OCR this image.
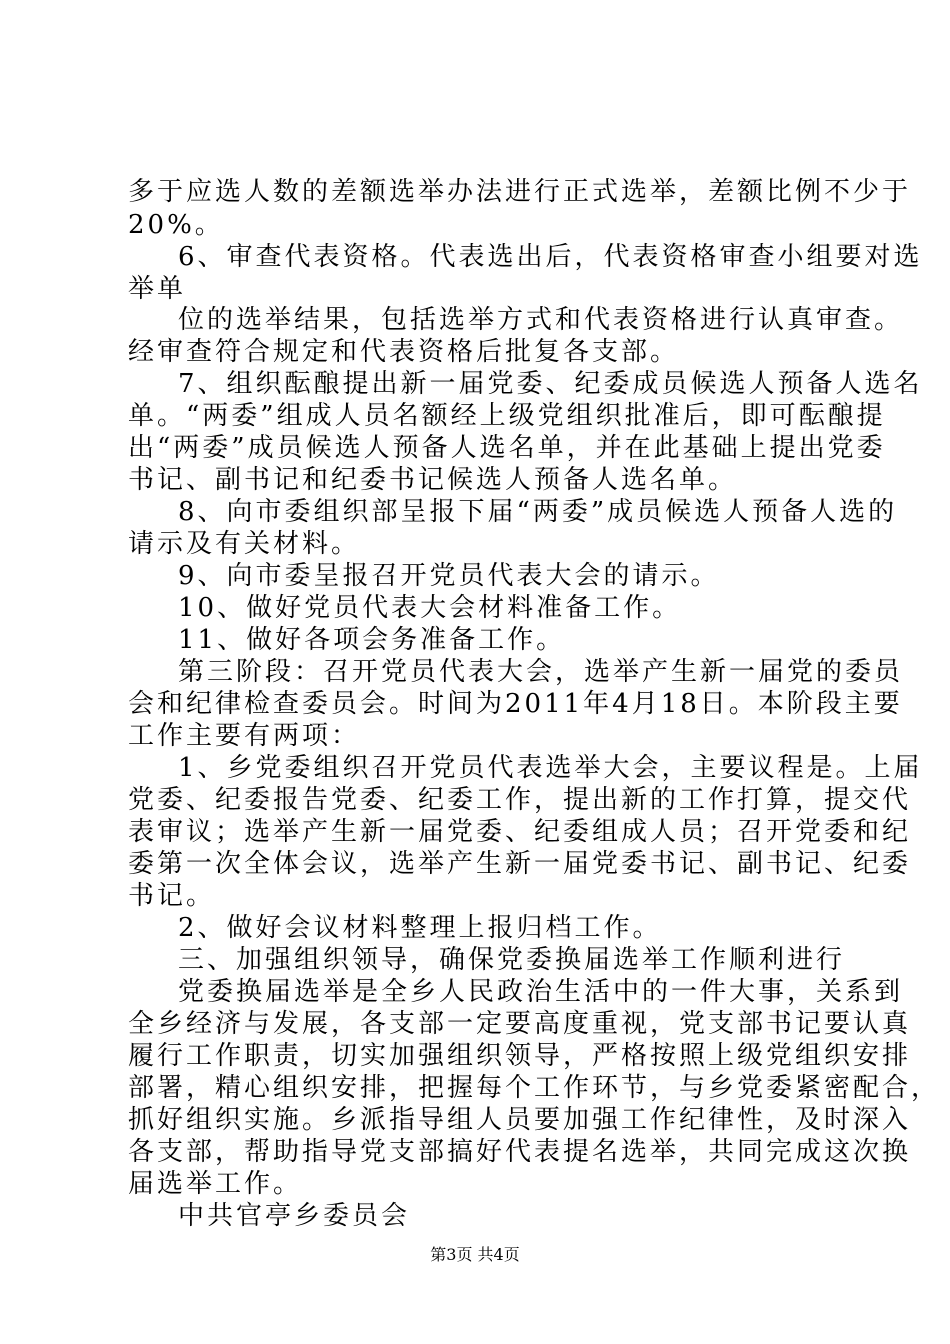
多于应选人数的差额选举办法进行正式选举，差额比例不少于
20%。
6、审查代表资格。代表选出后，代表资格审查小组要对选
举单
位的选举结果，包括选举方式和代表资格进行认真审查。
经审查符合规定和代表资格后批复各支部。
7、组织酝酿提出新一届党委、纪委成员候选人预备人选名
单。“两委”组成人员名额经上级党组织批准后，即可酝酿提
出“两委”成员候选人预备人选名单，并在此基础上提出党委
书记、副书记和纪委书记候选人预备人选名单。
8、向市委组织部呈报下届“两委”成员候选人预备人选的
请示及有关材料。
9、向市委呈报召开党员代表大会的请示。
10、做好党员代表大会材料准备工作。
11、做好各项会务准备工作。
第三阶段：召开党员代表大会，选举产生新一届党的委员
会和纪律检查委员会。时间为2011年4月18日。本阶段主要
工作主要有两项：
1、乡党委组织召开党员代表选举大会，主要议程是。上届
党委、纪委报告党委、纪委工作，提出新的工作打算，提交代
表审议；选举产生新一届党委、纪委组成人员；召开党委和纪
委第一次全体会议，选举产生新一届党委书记、副书记、纪委
书记。
2、做好会议材料整理上报归档工作。
三、加强组织领导，确保党委换届选举工作顺利进行
党委换届选举是全乡人民政治生活中的一件大事，关系到
全乡经济与发展，各支部一定要高度重视，党支部书记要认真
履行工作职责，切实加强组织领导，严格按照上级党组织安排
部署，精心组织安排，把握每个工作环节，与乡党委紧密配合，
抓好组织实施。乡派指导组人员要加强工作纪律性，及时深入
各支部，帮助指导党支部搞好代表提名选举，共同完成这次换
届选举工作。
中共官亭乡委员会
第3页 共4页
